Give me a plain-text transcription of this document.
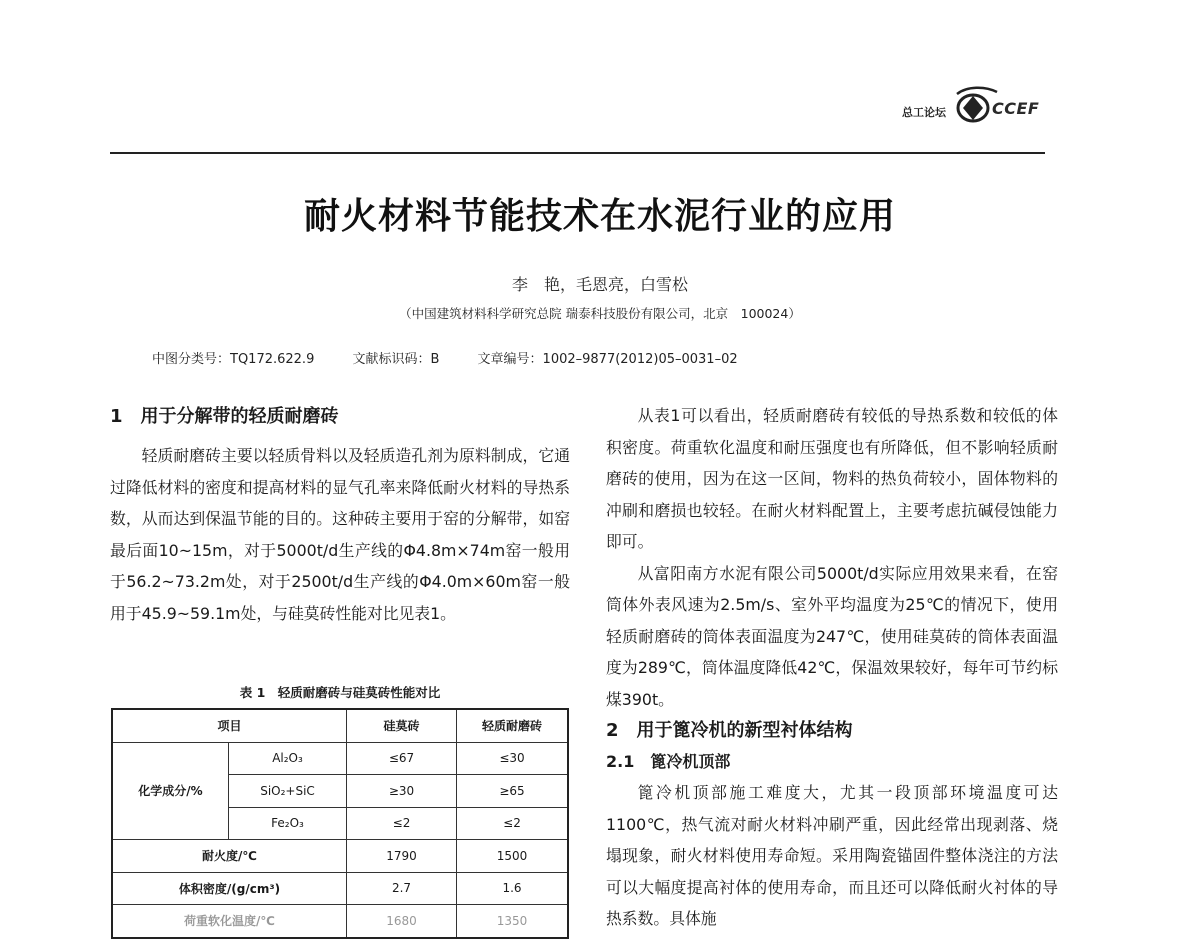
总工论坛	CCEF
耐火材料节能技术在水泥行业的应用
李　艳，毛恩亮，白雪松
（中国建筑材料科学研究总院 瑞泰科技股份有限公司，北京　100024）
中图分类号：TQ172.622.9	文献标识码：B	文章编号：1002–9877(2012)05–0031–02
1　用于分解带的轻质耐磨砖

轻质耐磨砖主要以轻质骨料以及轻质造孔剂为原料制成，它通过降低材料的密度和提高材料的显气孔率来降低耐火材料的导热系数，从而达到保温节能的目的。这种砖主要用于窑的分解带，如窑最后面10~15m，对于5000t/d生产线的Φ4.8m×74m窑一般用于56.2~73.2m处，对于2500t/d生产线的Φ4.0m×60m窑一般用于45.9~59.1m处，与硅莫砖性能对比见表1。

表 1　轻质耐磨砖与硅莫砖性能对比
项目		硅莫砖	轻质耐磨砖
化学成分/%	Al₂O₃	≤67	≤30
	SiO₂+SiC	≥30	≥65
	Fe₂O₃	≤2	≤2
耐火度/℃		1790	1500
体积密度/(g/cm³)		2.7	1.6
荷重软化温度/℃		1680	1350

从表1可以看出，轻质耐磨砖有较低的导热系数和较低的体积密度。荷重软化温度和耐压强度也有所降低，但不影响轻质耐磨砖的使用，因为在这一区间，物料的热负荷较小，固体物料的冲刷和磨损也较轻。在耐火材料配置上，主要考虑抗碱侵蚀能力即可。

从富阳南方水泥有限公司5000t/d实际应用效果来看，在窑筒体外表风速为2.5m/s、室外平均温度为25℃的情况下，使用轻质耐磨砖的筒体表面温度为247℃，使用硅莫砖的筒体表面温度为289℃，筒体温度降低42℃，保温效果较好，每年可节约标煤390t。

2　用于篦冷机的新型衬体结构
2.1　篦冷机顶部

篦冷机顶部施工难度大，尤其一段顶部环境温度可达1100℃，热气流对耐火材料冲刷严重，因此经常出现剥落、烧塌现象，耐火材料使用寿命短。采用陶瓷锚固件整体浇注的方法可以大幅度提高衬体的使用寿命，而且还可以降低耐火衬体的导热系数。具体施
